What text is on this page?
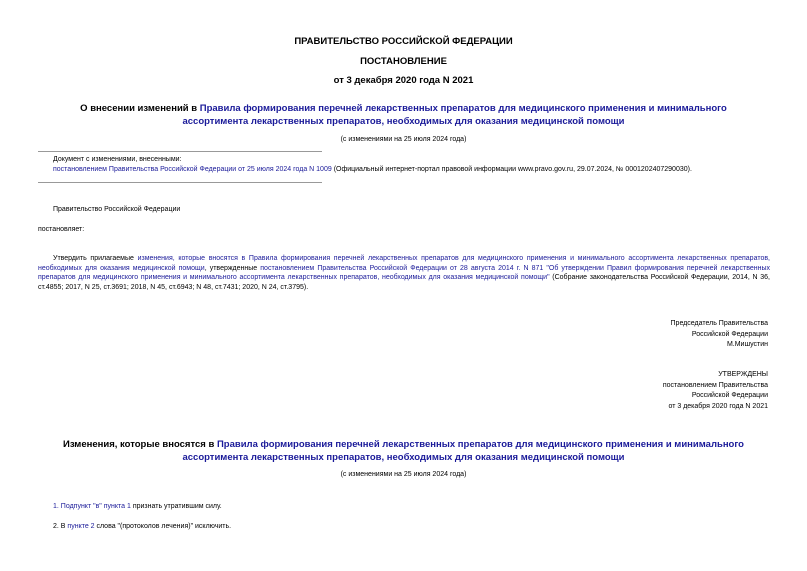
ПРАВИТЕЛЬСТВО РОССИЙСКОЙ ФЕДЕРАЦИИ
ПОСТАНОВЛЕНИЕ
от 3 декабря 2020 года N 2021
О внесении изменений в Правила формирования перечней лекарственных препаратов для медицинского применения и минимального ассортимента лекарственных препаратов, необходимых для оказания медицинской помощи
(с изменениями на 25 июля 2024 года)
Документ с изменениями, внесенными:
постановлением Правительства Российской Федерации от 25 июля 2024 года N 1009 (Официальный интернет-портал правовой информации www.pravo.gov.ru, 29.07.2024, № 0001202407290030).
Правительство Российской Федерации
постановляет:
Утвердить прилагаемые изменения, которые вносятся в Правила формирования перечней лекарственных препаратов для медицинского применения и минимального ассортимента лекарственных препаратов, необходимых для оказания медицинской помощи, утвержденные постановлением Правительства Российской Федерации от 28 августа 2014 г. N 871 "Об утверждении Правил формирования перечней лекарственных препаратов для медицинского применения и минимального ассортимента лекарственных препаратов, необходимых для оказания медицинской помощи" (Собрание законодательства Российской Федерации, 2014, N 36, ст.4855; 2017, N 25, ст.3691; 2018, N 45, ст.6943; N 48, ст.7431; 2020, N 24, ст.3795).
Председатель Правительства
Российской Федерации
М.Мишустин
УТВЕРЖДЕНЫ
постановлением Правительства
Российской Федерации
от 3 декабря 2020 года N 2021
Изменения, которые вносятся в Правила формирования перечней лекарственных препаратов для медицинского применения и минимального ассортимента лекарственных препаратов, необходимых для оказания медицинской помощи
(с изменениями на 25 июля 2024 года)
1. Подпункт "в" пункта 1 признать утратившим силу.
2. В пункте 2 слова "(протоколов лечения)" исключить.
